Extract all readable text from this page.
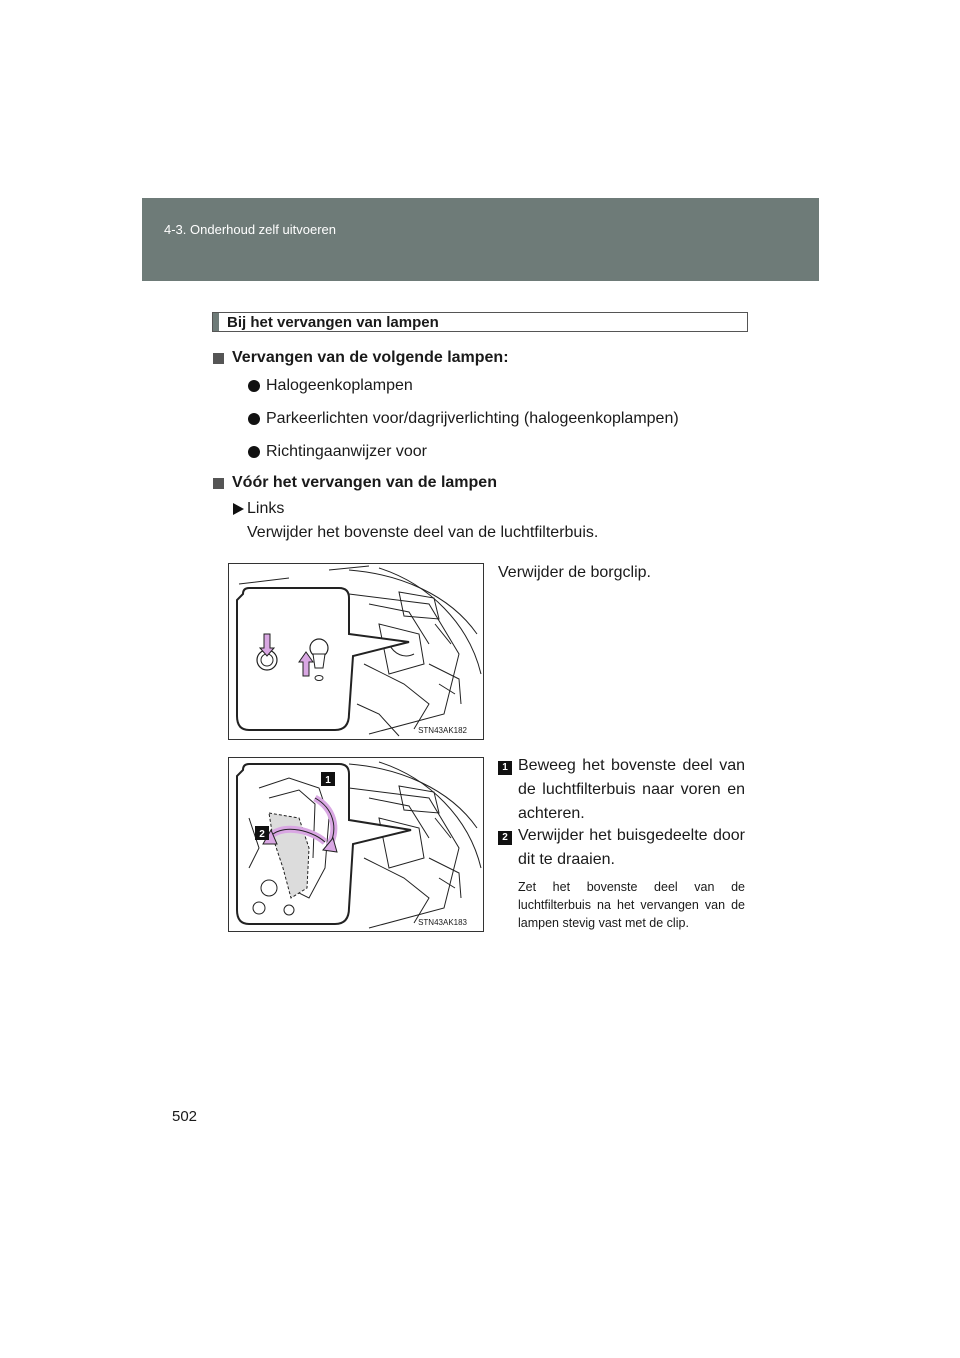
4-3. Onderhoud zelf uitvoeren
Bij het vervangen van lampen
Vervangen van de volgende lampen:
Halogeenkoplampen
Parkeerlichten voor/dagrijverlichting (halogeenkoplampen)
Richtingaanwijzer voor
Vóór het vervangen van de lampen
Links
Verwijder het bovenste deel van de luchtfilterbuis.
STN43AK182
Verwijder de borgclip.
1
2
STN43AK183
1 Beweeg het bovenste deel van de luchtfilterbuis naar voren en achteren.
2 Verwijder het buisgedeelte door dit te draaien.
Zet het bovenste deel van de luchtfilterbuis na het vervangen van de lampen stevig vast met de clip.
502
